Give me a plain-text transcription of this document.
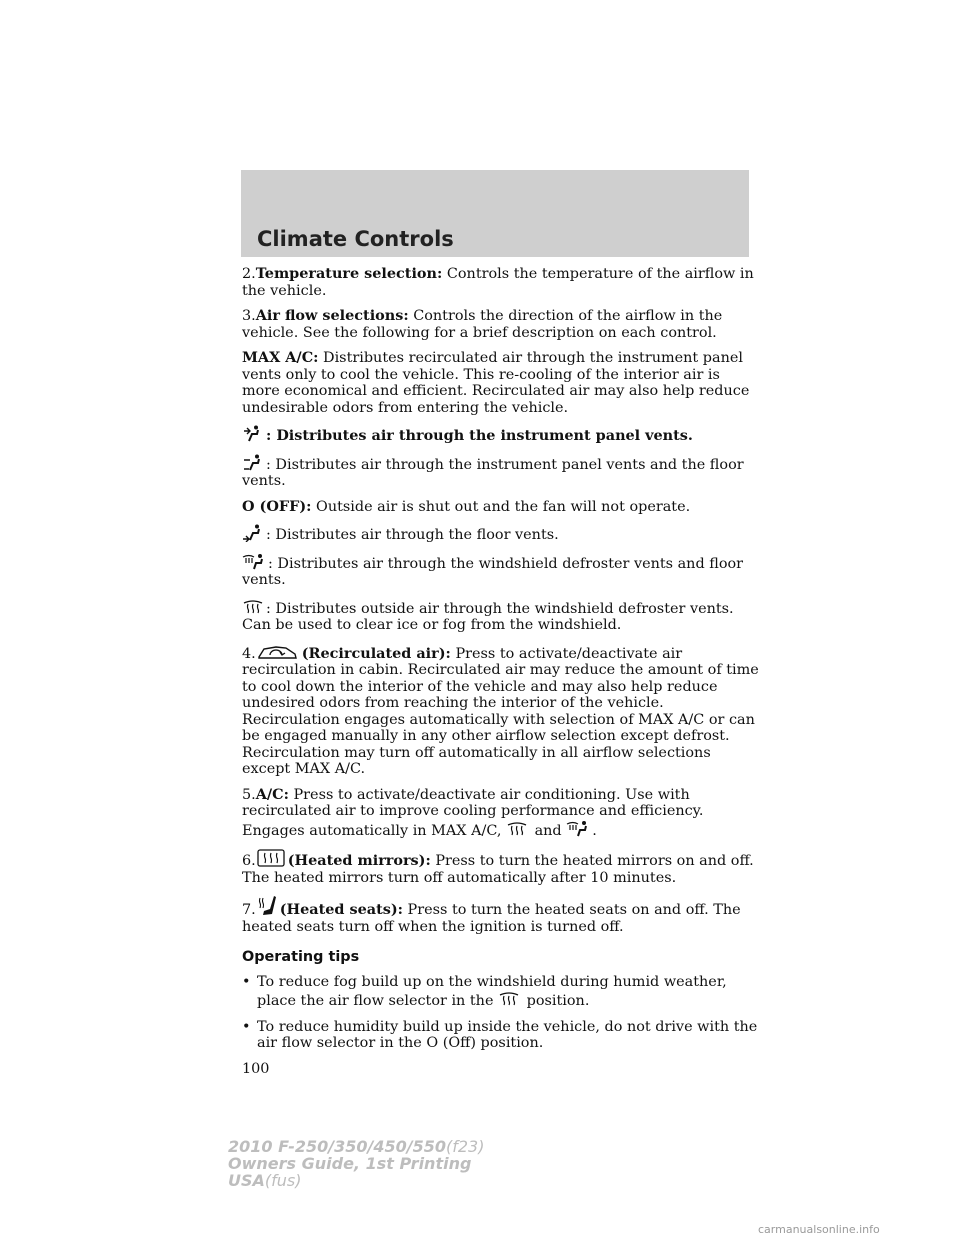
Climate Controls

2.Temperature selection: Controls the temperature of the airflow in the vehicle.

3.Air flow selections: Controls the direction of the airflow in the vehicle. See the following for a brief description on each control.

MAX A/C: Distributes recirculated air through the instrument panel vents only to cool the vehicle. This re-cooling of the interior air is more economical and efficient. Recirculated air may also help reduce undesirable odors from entering the vehicle.

: Distributes air through the instrument panel vents.

: Distributes air through the instrument panel vents and the floor vents.

O (OFF): Outside air is shut out and the fan will not operate.

: Distributes air through the floor vents.

: Distributes air through the windshield defroster vents and floor vents.

: Distributes outside air through the windshield defroster vents. Can be used to clear ice or fog from the windshield.

4.	(Recirculated air): Press to activate/deactivate air recirculation in cabin. Recirculated air may reduce the amount of time to cool down the interior of the vehicle and may also help reduce undesired odors from reaching the interior of the vehicle. Recirculation engages automatically with selection of MAX A/C or can be engaged manually in any other airflow selection except defrost. Recirculation may turn off automatically in all airflow selections except MAX A/C.

5.A/C: Press to activate/deactivate air conditioning. Use with recirculated air to improve cooling performance and efficiency. Engages automatically in MAX A/C, and .

6. (Heated mirrors): Press to turn the heated mirrors on and off. The heated mirrors turn off automatically after 10 minutes.

7. (Heated seats): Press to turn the heated seats on and off. The heated seats turn off when the ignition is turned off.

Operating tips
• To reduce fog build up on the windshield during humid weather, place the air flow selector in the position.
• To reduce humidity build up inside the vehicle, do not drive with the air flow selector in the O (Off) position.
100
2010 F-250/350/450/550(f23)
Owners Guide, 1st Printing
USA(fus)
carmanualsonline.info
